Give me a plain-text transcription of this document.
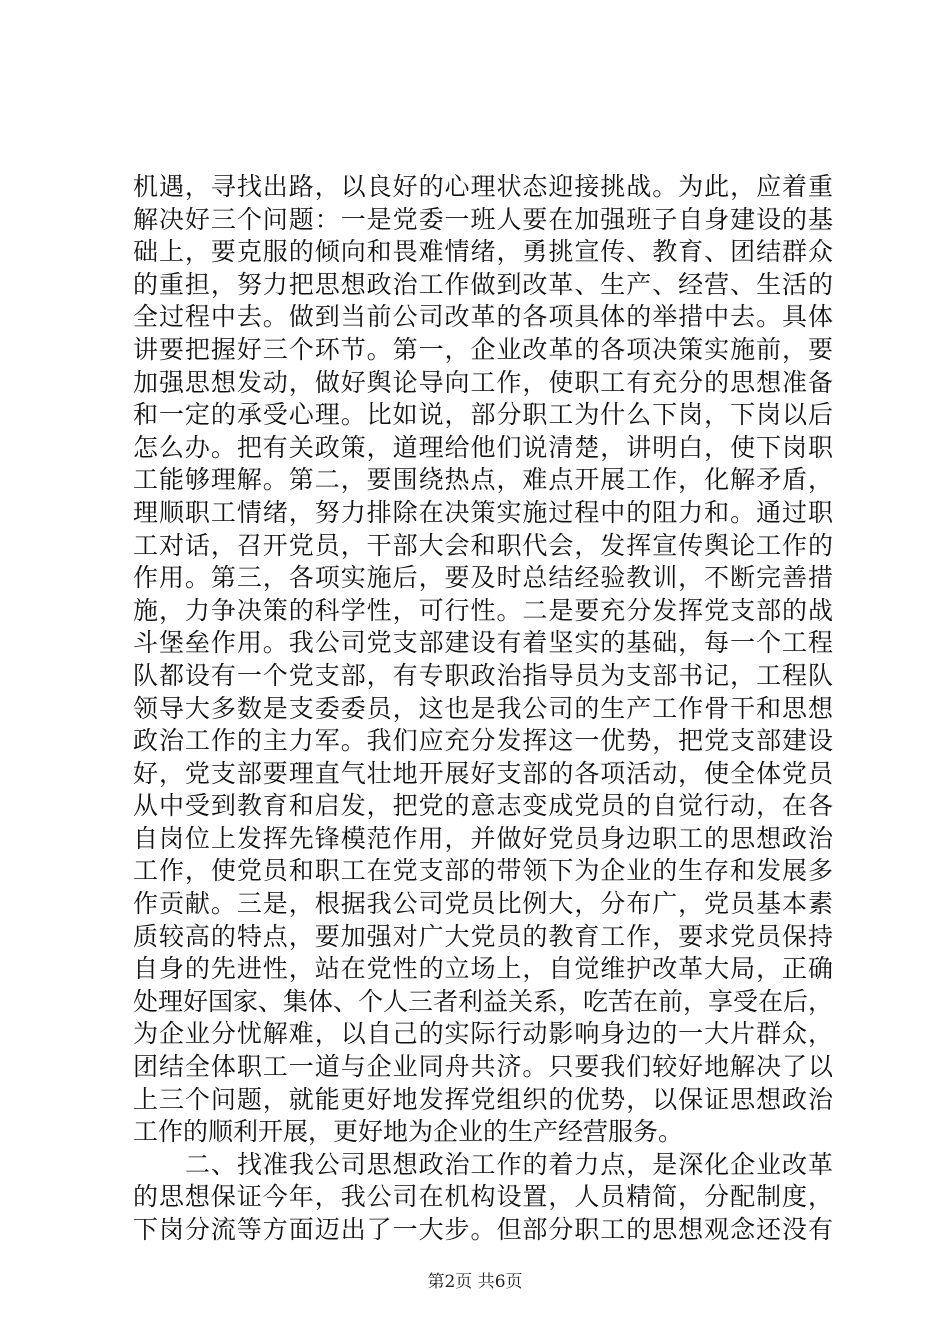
机遇，寻找出路，以良好的心理状态迎接挑战。为此，应着重
解决好三个问题：一是党委一班人要在加强班子自身建设的基
础上，要克服的倾向和畏难情绪，勇挑宣传、教育、团结群众
的重担，努力把思想政治工作做到改革、生产、经营、生活的
全过程中去。做到当前公司改革的各项具体的举措中去。具体
讲要把握好三个环节。第一，企业改革的各项决策实施前，要
加强思想发动，做好舆论导向工作，使职工有充分的思想准备
和一定的承受心理。比如说，部分职工为什么下岗，下岗以后
怎么办。把有关政策，道理给他们说清楚，讲明白，使下岗职
工能够理解。第二，要围绕热点，难点开展工作，化解矛盾，
理顺职工情绪，努力排除在决策实施过程中的阻力和。通过职
工对话，召开党员，干部大会和职代会，发挥宣传舆论工作的
作用。第三，各项实施后，要及时总结经验教训，不断完善措
施，力争决策的科学性，可行性。二是要充分发挥党支部的战
斗堡垒作用。我公司党支部建设有着坚实的基础，每一个工程
队都设有一个党支部，有专职政治指导员为支部书记，工程队
领导大多数是支委委员，这也是我公司的生产工作骨干和思想
政治工作的主力军。我们应充分发挥这一优势，把党支部建设
好，党支部要理直气壮地开展好支部的各项活动，使全体党员
从中受到教育和启发，把党的意志变成党员的自觉行动，在各
自岗位上发挥先锋模范作用，并做好党员身边职工的思想政治
工作，使党员和职工在党支部的带领下为企业的生存和发展多
作贡献。三是，根据我公司党员比例大，分布广，党员基本素
质较高的特点，要加强对广大党员的教育工作，要求党员保持
自身的先进性，站在党性的立场上，自觉维护改革大局，正确
处理好国家、集体、个人三者利益关系，吃苦在前，享受在后，
为企业分忧解难，以自己的实际行动影响身边的一大片群众，
团结全体职工一道与企业同舟共济。只要我们较好地解决了以
上三个问题，就能更好地发挥党组织的优势，以保证思想政治
工作的顺利开展，更好地为企业的生产经营服务。
二、找准我公司思想政治工作的着力点，是深化企业改革
的思想保证今年，我公司在机构设置，人员精简，分配制度，
下岗分流等方面迈出了一大步。但部分职工的思想观念还没有
第2页 共6页
